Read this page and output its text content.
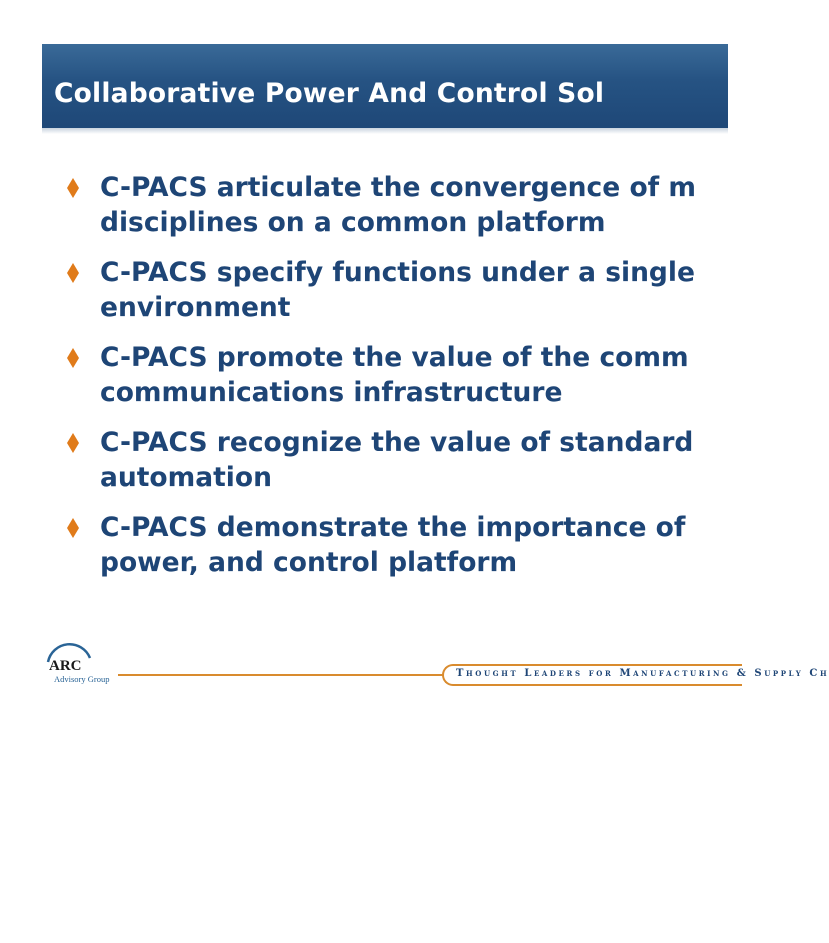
Collaborative Power And Control Sol
C-PACS articulate the convergence of m
disciplines on a common platform
C-PACS specify functions under a single
environment
C-PACS promote the value of the comm
communications infrastructure
C-PACS recognize the value of standard
automation
C-PACS demonstrate the importance of
power, and control platform
ARC
Advisory Group	Thought Leaders for Manufacturing & Supply Ch
